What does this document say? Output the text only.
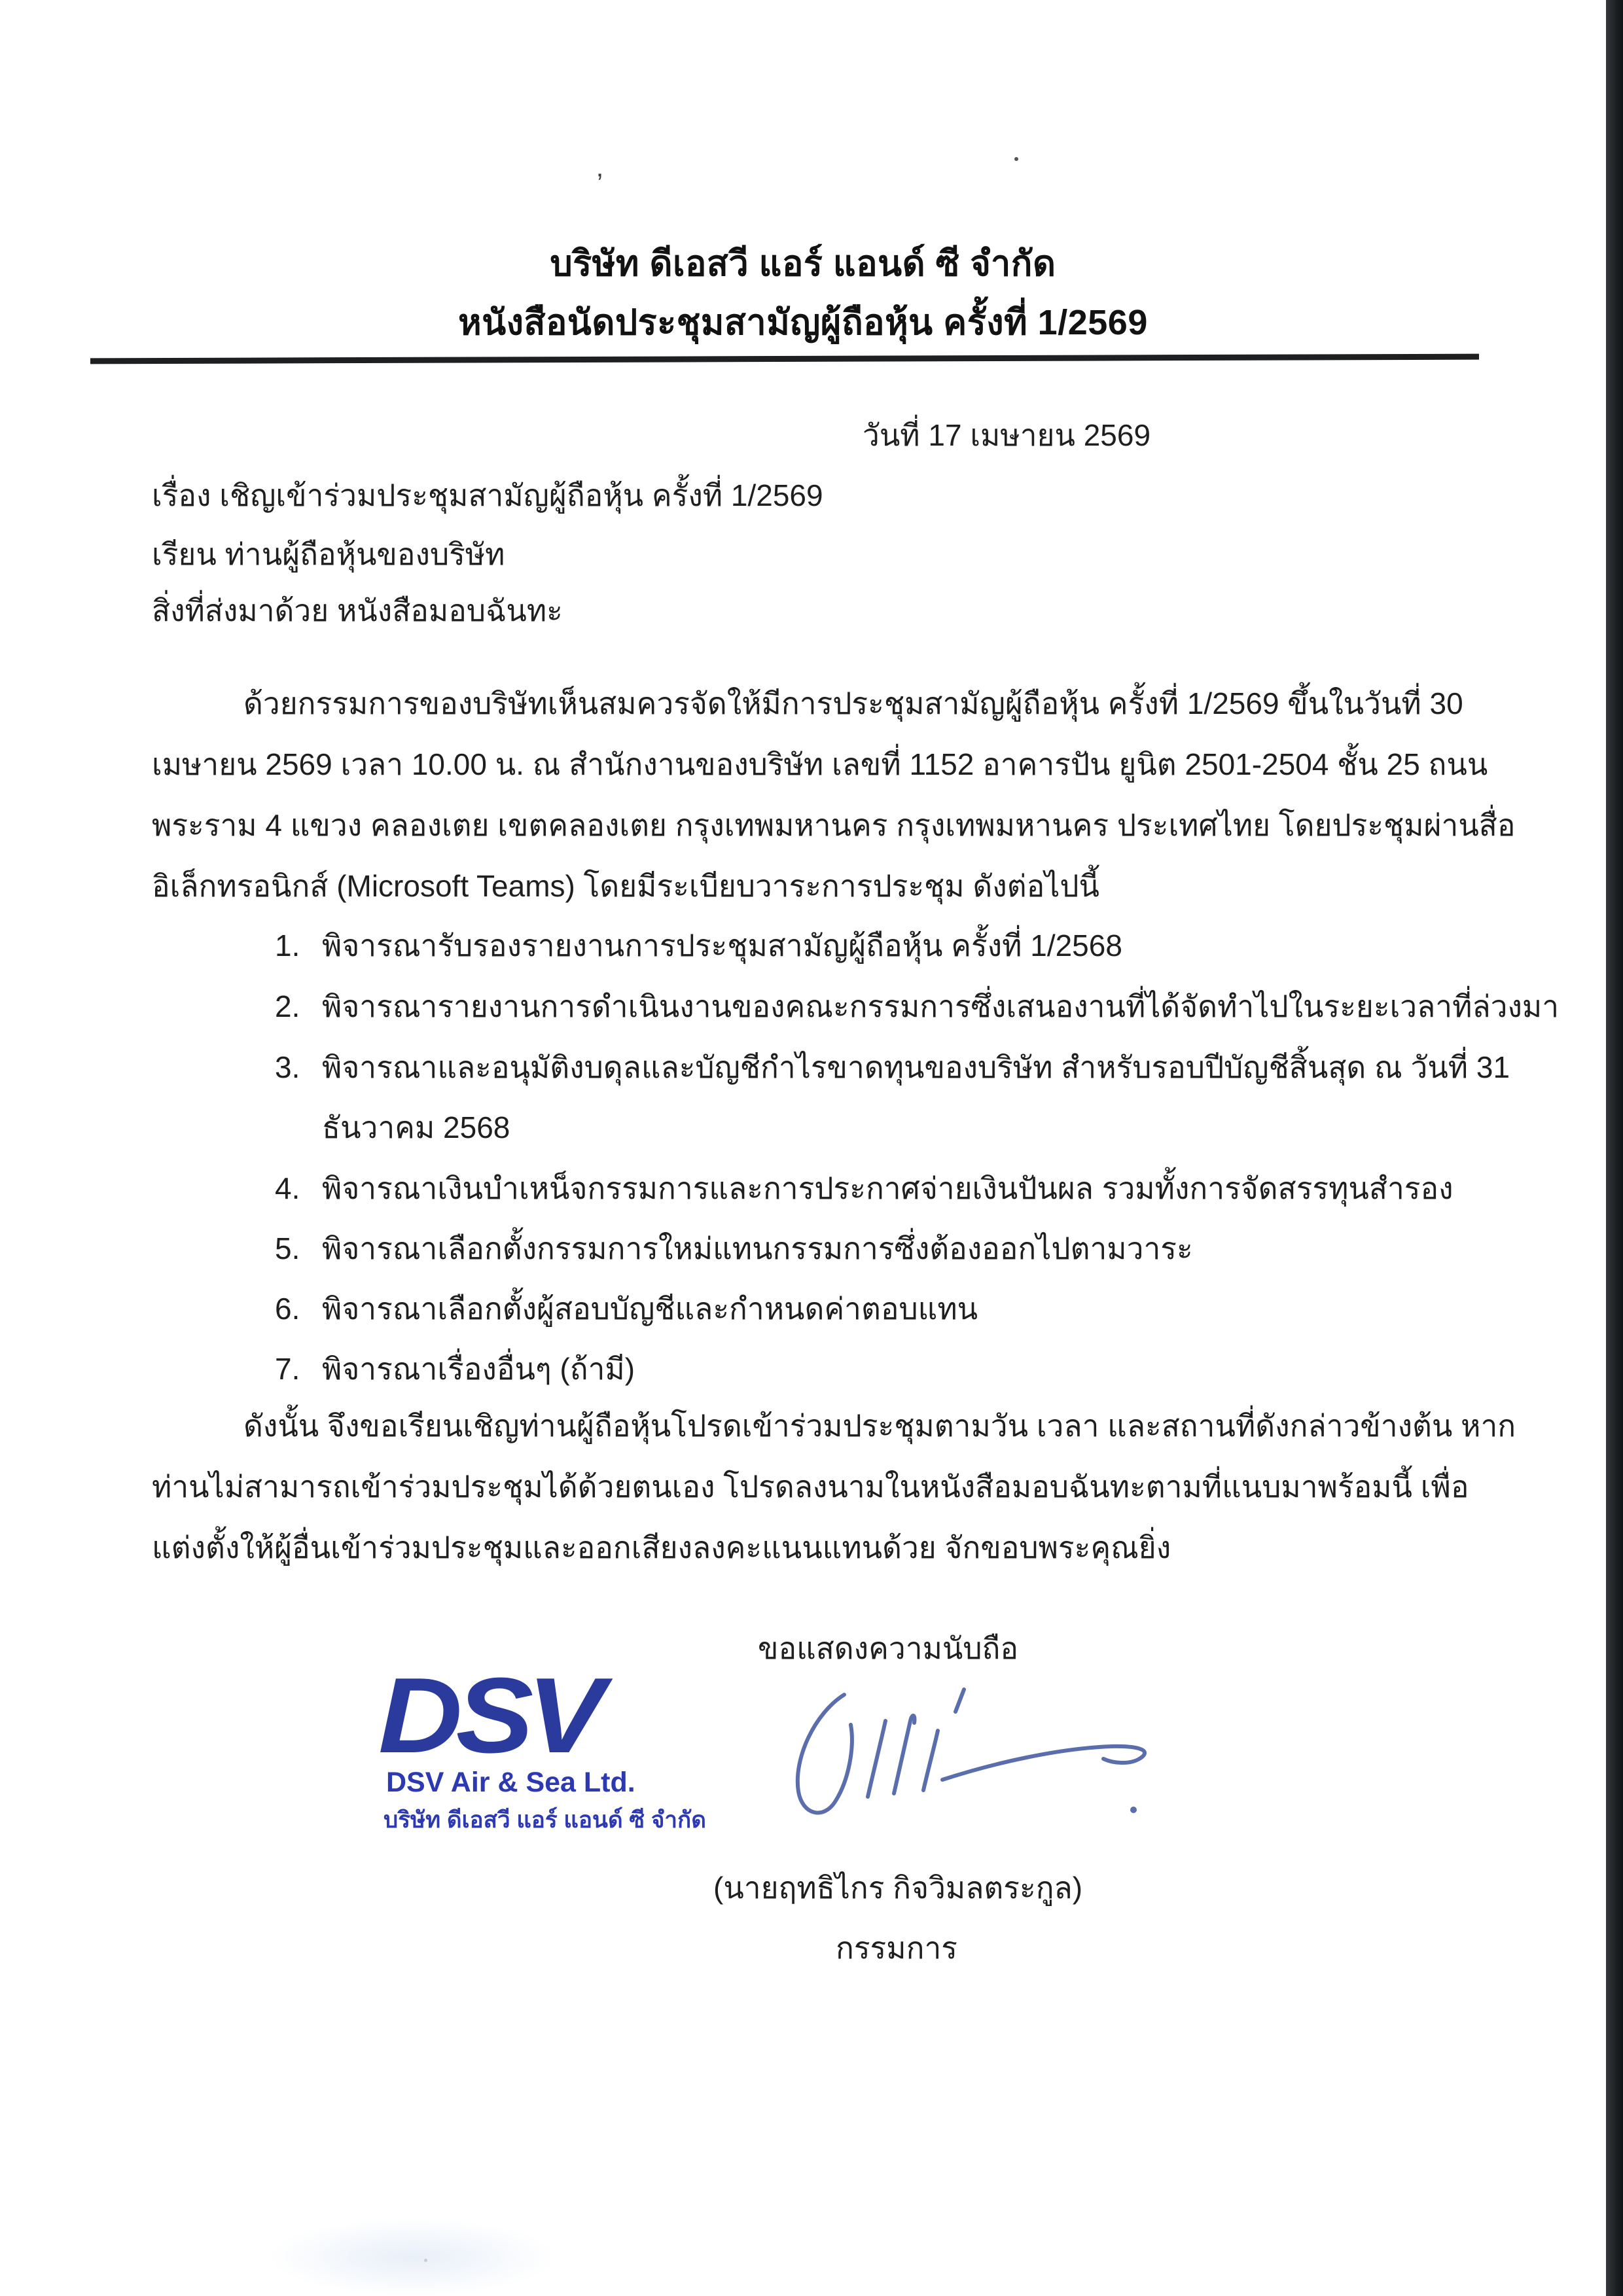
บริษัท ดีเอสวี แอร์ แอนด์ ซี จำกัด
หนังสือนัดประชุมสามัญผู้ถือหุ้น ครั้งที่ 1/2569
วันที่ 17 เมษายน 2569
เรื่อง เชิญเข้าร่วมประชุมสามัญผู้ถือหุ้น ครั้งที่ 1/2569
เรียน ท่านผู้ถือหุ้นของบริษัท
สิ่งที่ส่งมาด้วย หนังสือมอบฉันทะ
ด้วยกรรมการของบริษัทเห็นสมควรจัดให้มีการประชุมสามัญผู้ถือหุ้น ครั้งที่ 1/2569 ขึ้นในวันที่ 30
เมษายน 2569 เวลา 10.00 น. ณ สำนักงานของบริษัท เลขที่ 1152 อาคารปัน ยูนิต 2501-2504 ชั้น 25 ถนน
พระราม 4 แขวง คลองเตย เขตคลองเตย กรุงเทพมหานคร กรุงเทพมหานคร ประเทศไทย โดยประชุมผ่านสื่อ
อิเล็กทรอนิกส์ (Microsoft Teams) โดยมีระเบียบวาระการประชุม ดังต่อไปนี้
1. พิจารณารับรองรายงานการประชุมสามัญผู้ถือหุ้น ครั้งที่ 1/2568
2. พิจารณารายงานการดำเนินงานของคณะกรรมการซึ่งเสนองานที่ได้จัดทำไปในระยะเวลาที่ล่วงมา
3. พิจารณาและอนุมัติงบดุลและบัญชีกำไรขาดทุนของบริษัท สำหรับรอบปีบัญชีสิ้นสุด ณ วันที่ 31
ธันวาคม 2568
4. พิจารณาเงินบำเหน็จกรรมการและการประกาศจ่ายเงินปันผล รวมทั้งการจัดสรรทุนสำรอง
5. พิจารณาเลือกตั้งกรรมการใหม่แทนกรรมการซึ่งต้องออกไปตามวาระ
6. พิจารณาเลือกตั้งผู้สอบบัญชีและกำหนดค่าตอบแทน
7. พิจารณาเรื่องอื่นๆ (ถ้ามี)
ดังนั้น จึงขอเรียนเชิญท่านผู้ถือหุ้นโปรดเข้าร่วมประชุมตามวัน เวลา และสถานที่ดังกล่าวข้างต้น หาก
ท่านไม่สามารถเข้าร่วมประชุมได้ด้วยตนเอง โปรดลงนามในหนังสือมอบฉันทะตามที่แนบมาพร้อมนี้ เพื่อ
แต่งตั้งให้ผู้อื่นเข้าร่วมประชุมและออกเสียงลงคะแนนแทนด้วย จักขอบพระคุณยิ่ง
ขอแสดงความนับถือ
DSV
DSV Air & Sea Ltd.
บริษัท ดีเอสวี แอร์ แอนด์ ซี จำกัด
(นายฤทธิไกร กิจวิมลตระกูล)
กรรมการ
ʼ
